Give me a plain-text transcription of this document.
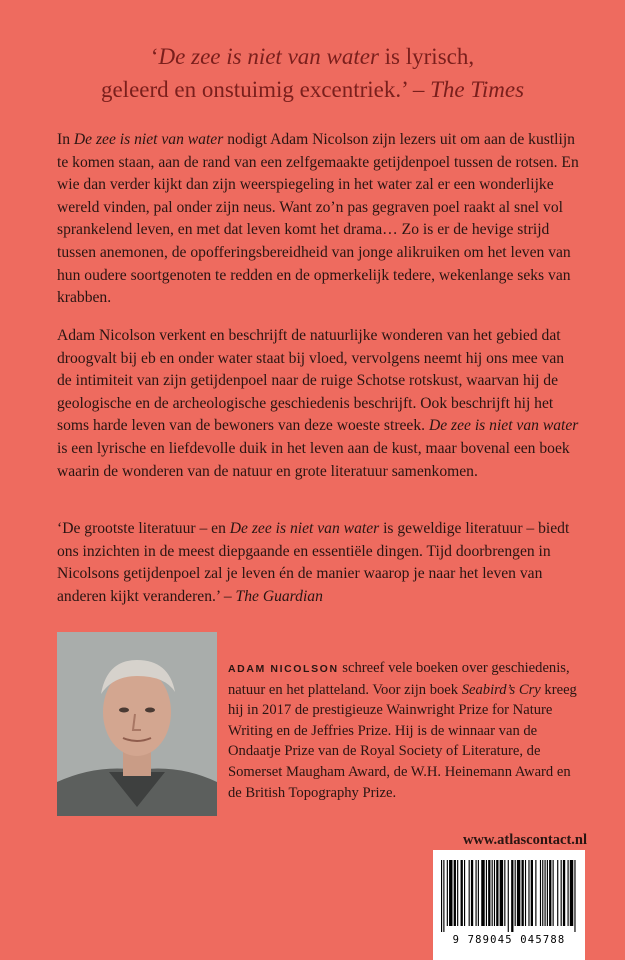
‘De zee is niet van water is lyrisch,
geleerd en onstuimig excentriek.’ – The Times

In De zee is niet van water nodigt Adam Nicolson zijn lezers uit om aan de kustlijn te komen staan, aan de rand van een zelfgemaakte getijdenpoel tussen de rotsen. En wie dan verder kijkt dan zijn weerspiegeling in het water zal er een wonderlijke wereld vinden, pal onder zijn neus. Want zo’n pas gegraven poel raakt al snel vol sprankelend leven, en met dat leven komt het drama… Zo is er de hevige strijd tussen anemonen, de opofferingsbereidheid van jonge alikruiken om het leven van hun oudere soortgenoten te redden en de opmerkelijk tedere, wekenlange seks van krabben.

Adam Nicolson verkent en beschrijft de natuurlijke wonderen van het gebied dat droogvalt bij eb en onder water staat bij vloed, vervolgens neemt hij ons mee van de intimiteit van zijn getijdenpoel naar de ruige Schotse rotskust, waarvan hij de geologische en de archeologische geschiedenis beschrijft. Ook beschrijft hij het soms harde leven van de bewoners van deze woeste streek. De zee is niet van water is een lyrische en liefdevolle duik in het leven aan de kust, maar bovenal een boek waarin de wonderen van de natuur en grote literatuur samenkomen.

‘De grootste literatuur – en De zee is niet van water is geweldige literatuur – biedt ons inzichten in de meest diepgaande en essentiële dingen. Tijd doorbrengen in Nicolsons getijdenpoel zal je leven én de manier waarop je naar het leven van anderen kijkt veranderen.’ – The Guardian

ADAM NICOLSON schreef vele boeken over geschiedenis, natuur en het platteland. Voor zijn boek Seabird’s Cry kreeg hij in 2017 de prestigieuze Wainwright Prize for Nature Writing en de Jeffries Prize. Hij is de winnaar van de Ondaatje Prize van de Royal Society of Literature, de Somerset Maugham Award, de W.H. Heinemann Award en de British Topography Prize.

www.atlascontact.nl
9 789045 045788
